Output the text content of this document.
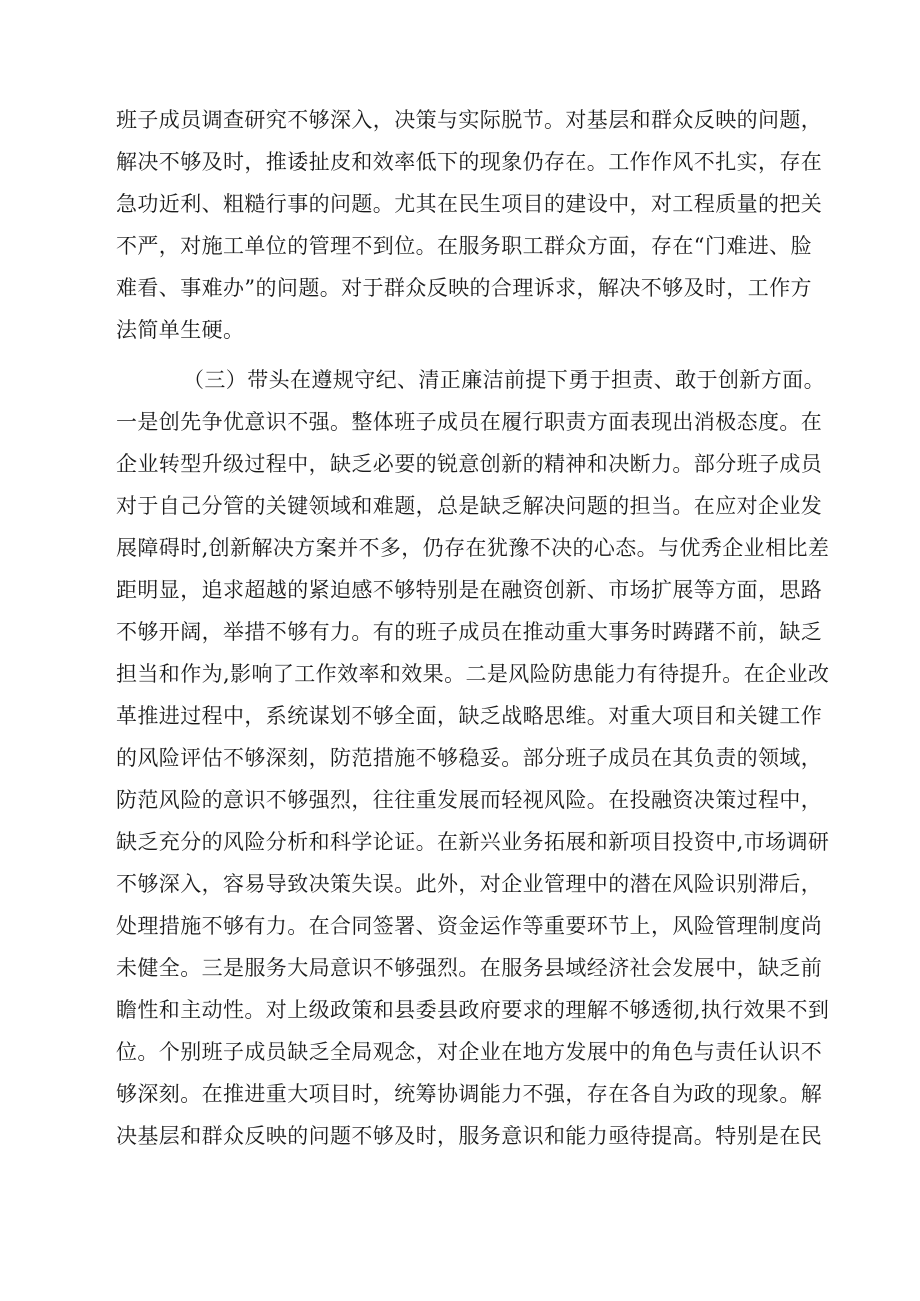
班子成员调查研究不够深入，决策与实际脱节。对基层和群众反映的问题，
解决不够及时，推诿扯皮和效率低下的现象仍存在。工作作风不扎实，存在
急功近利、粗糙行事的问题。尤其在民生项目的建设中，对工程质量的把关
不严，对施工单位的管理不到位。在服务职工群众方面，存在“门难进、脸
难看、事难办”的问题。对于群众反映的合理诉求，解决不够及时，工作方
法简单生硬。
（三）带头在遵规守纪、清正廉洁前提下勇于担责、敢于创新方面。
一是创先争优意识不强。整体班子成员在履行职责方面表现出消极态度。在
企业转型升级过程中，缺乏必要的锐意创新的精神和决断力。部分班子成员
对于自己分管的关键领域和难题，总是缺乏解决问题的担当。在应对企业发
展障碍时,创新解决方案并不多，仍存在犹豫不决的心态。与优秀企业相比差
距明显，追求超越的紧迫感不够特别是在融资创新、市场扩展等方面，思路
不够开阔，举措不够有力。有的班子成员在推动重大事务时踌躇不前，缺乏
担当和作为,影响了工作效率和效果。二是风险防患能力有待提升。在企业改
革推进过程中，系统谋划不够全面，缺乏战略思维。对重大项目和关键工作
的风险评估不够深刻，防范措施不够稳妥。部分班子成员在其负责的领域，
防范风险的意识不够强烈，往往重发展而轻视风险。在投融资决策过程中，
缺乏充分的风险分析和科学论证。在新兴业务拓展和新项目投资中,市场调研
不够深入，容易导致决策失误。此外，对企业管理中的潜在风险识别滞后，
处理措施不够有力。在合同签署、资金运作等重要环节上，风险管理制度尚
未健全。三是服务大局意识不够强烈。在服务县域经济社会发展中，缺乏前
瞻性和主动性。对上级政策和县委县政府要求的理解不够透彻,执行效果不到
位。个别班子成员缺乏全局观念，对企业在地方发展中的角色与责任认识不
够深刻。在推进重大项目时，统筹协调能力不强，存在各自为政的现象。解
决基层和群众反映的问题不够及时，服务意识和能力亟待提高。特别是在民
